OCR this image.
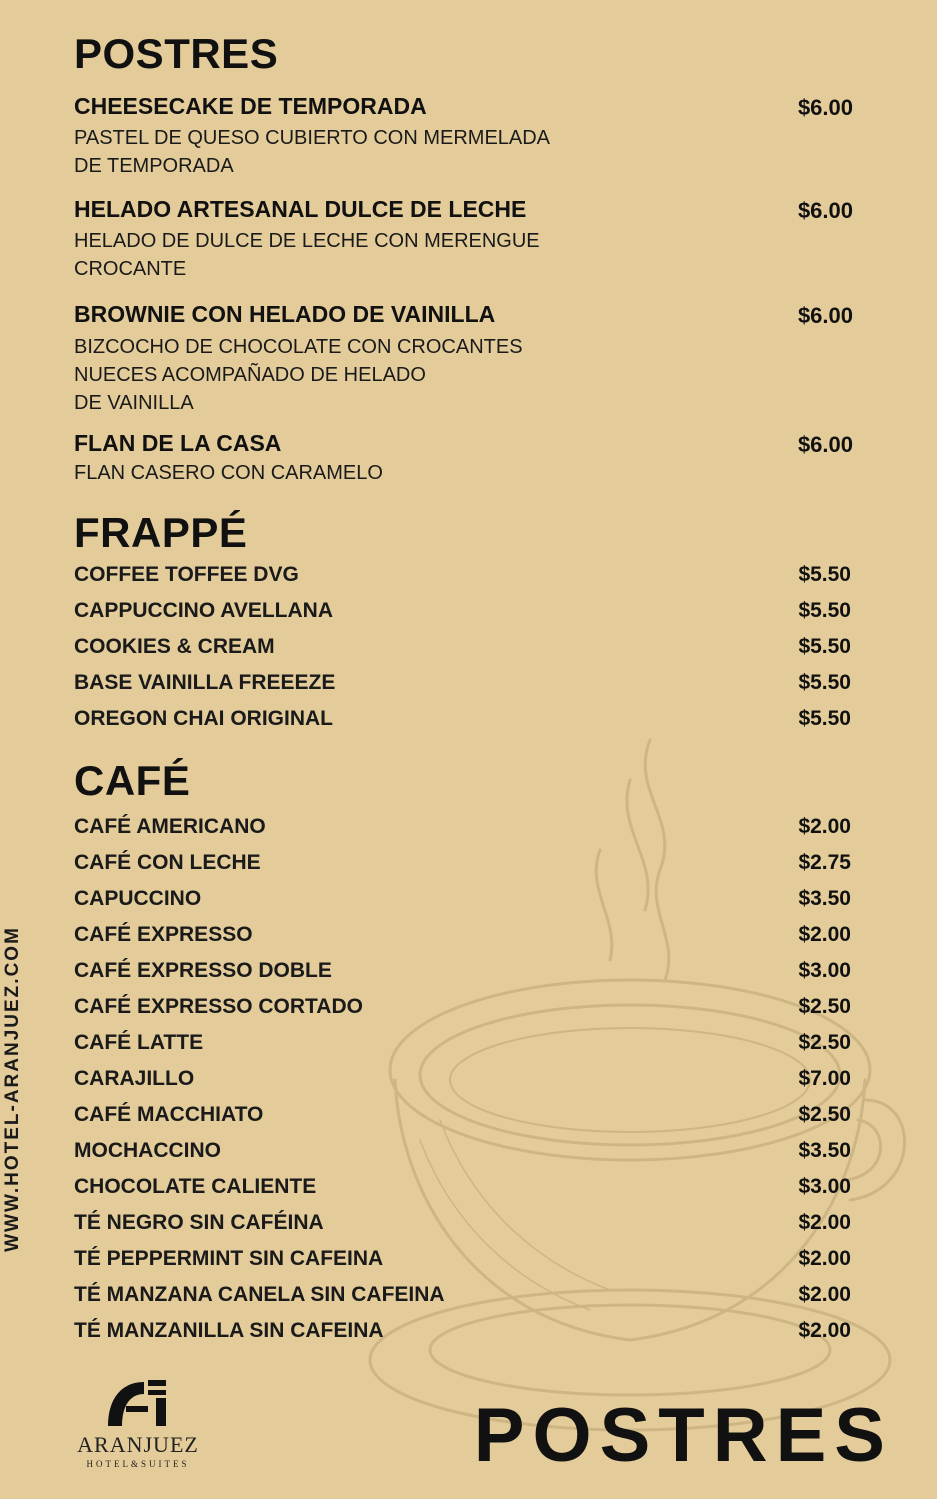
POSTRES
CHEESECAKE DE TEMPORADA	$6.00
PASTEL DE QUESO CUBIERTO CON MERMELADA
DE TEMPORADA
HELADO ARTESANAL DULCE DE LECHE	$6.00
HELADO DE DULCE DE LECHE CON MERENGUE
CROCANTE
BROWNIE CON HELADO DE VAINILLA	$6.00
BIZCOCHO DE CHOCOLATE CON CROCANTES
NUECES ACOMPAÑADO DE HELADO
DE VAINILLA
FLAN DE LA CASA	$6.00
FLAN CASERO CON CARAMELO
FRAPPÉ
COFFEE TOFFEE DVG	$5.50
CAPPUCCINO AVELLANA	$5.50
COOKIES & CREAM	$5.50
BASE VAINILLA FREEEZE	$5.50
OREGON CHAI ORIGINAL	$5.50
CAFÉ
CAFÉ AMERICANO	$2.00
CAFÉ CON LECHE	$2.75
CAPUCCINO	$3.50
CAFÉ EXPRESSO	$2.00
CAFÉ EXPRESSO DOBLE	$3.00
CAFÉ EXPRESSO CORTADO	$2.50
CAFÉ LATTE	$2.50
CARAJILLO	$7.00
CAFÉ MACCHIATO	$2.50
MOCHACCINO	$3.50
CHOCOLATE CALIENTE	$3.00
TÉ NEGRO SIN CAFÉINA	$2.00
TÉ PEPPERMINT SIN CAFEINA	$2.00
TÉ MANZANA CANELA SIN CAFEINA	$2.00
TÉ MANZANILLA SIN CAFEINA	$2.00
WWW.HOTEL-ARANJUEZ.COM
ARANJUEZ
HOTEL&SUITES	POSTRES
